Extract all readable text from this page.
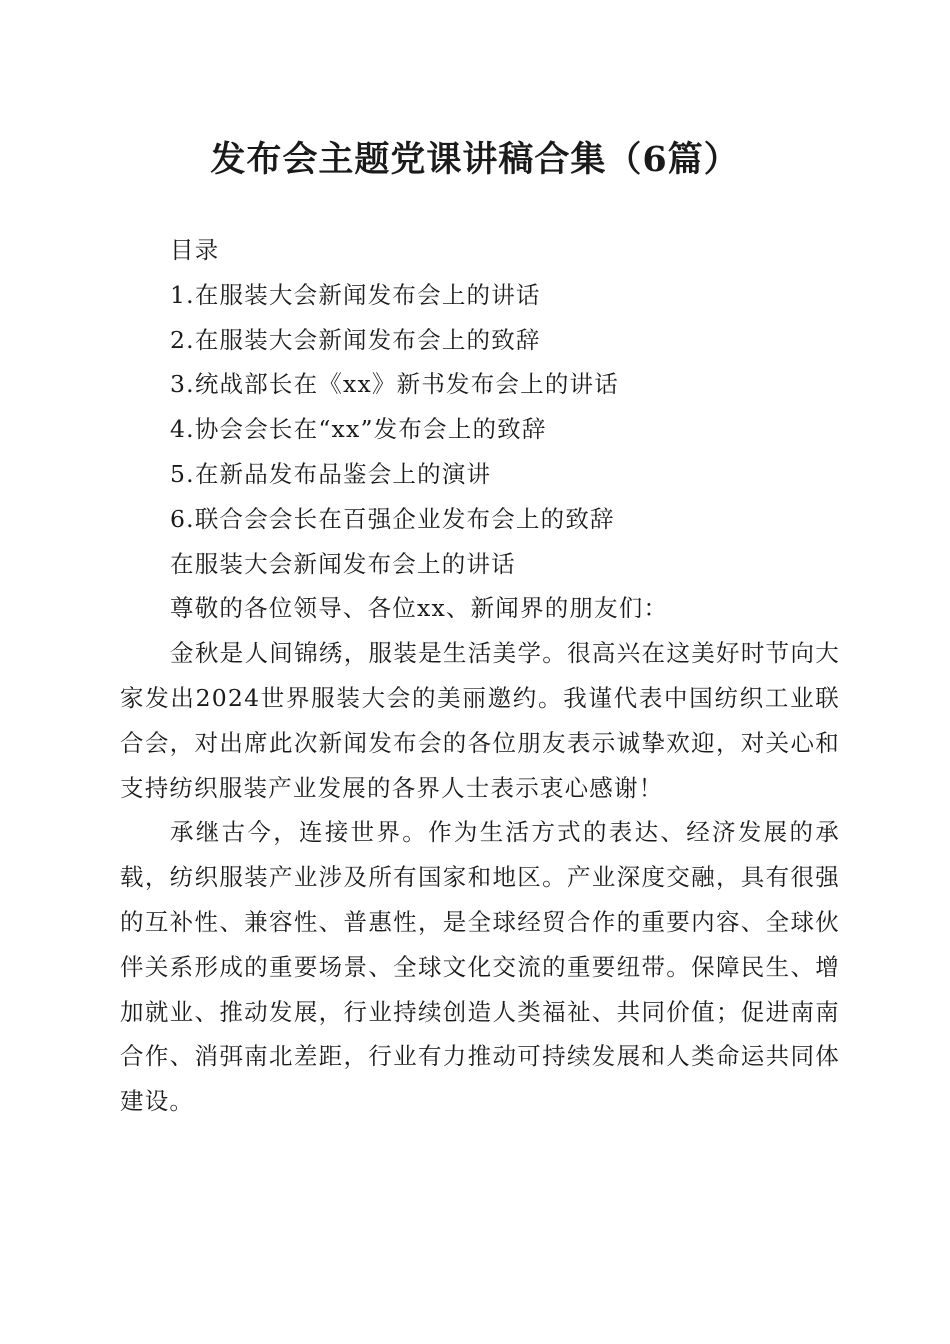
发布会主题党课讲稿合集（6篇）

目录

1.在服装大会新闻发布会上的讲话

2.在服装大会新闻发布会上的致辞

3.统战部长在《xx》新书发布会上的讲话

4.协会会长在“xx”发布会上的致辞

5.在新品发布品鉴会上的演讲

6.联合会会长在百强企业发布会上的致辞

在服装大会新闻发布会上的讲话

尊敬的各位领导、各位xx、新闻界的朋友们：

金秋是人间锦绣，服装是生活美学。很高兴在这美好时节向大家发出2024世界服装大会的美丽邀约。我谨代表中国纺织工业联合会，对出席此次新闻发布会的各位朋友表示诚挚欢迎，对关心和支持纺织服装产业发展的各界人士表示衷心感谢！

承继古今，连接世界。作为生活方式的表达、经济发展的承载，纺织服装产业涉及所有国家和地区。产业深度交融，具有很强的互补性、兼容性、普惠性，是全球经贸合作的重要内容、全球伙伴关系形成的重要场景、全球文化交流的重要纽带。保障民生、增加就业、推动发展，行业持续创造人类福祉、共同价值；促进南南合作、消弭南北差距，行业有力推动可持续发展和人类命运共同体建设。
